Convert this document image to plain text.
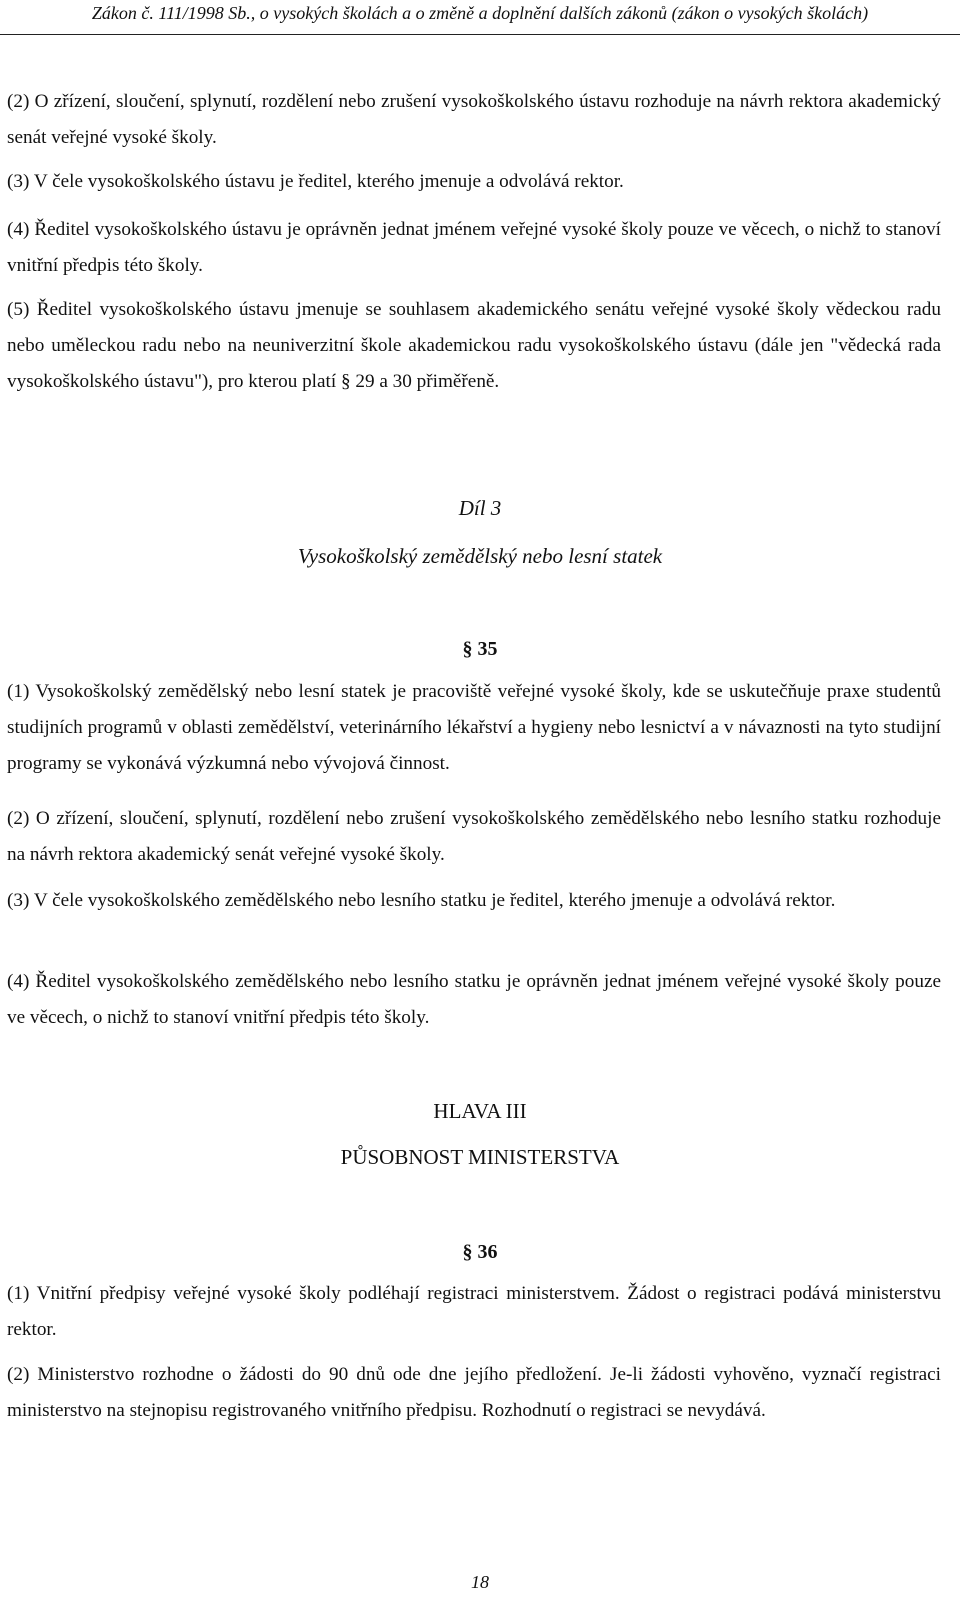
Zákon č. 111/1998 Sb., o vysokých školách a o změně a doplnění dalších zákonů (zákon o vysokých školách)

(2) O zřízení, sloučení, splynutí, rozdělení nebo zrušení vysokoškolského ústavu rozhoduje na návrh rektora akademický senát veřejné vysoké školy.

(3) V čele vysokoškolského ústavu je ředitel, kterého jmenuje a odvolává rektor.

(4) Ředitel vysokoškolského ústavu je oprávněn jednat jménem veřejné vysoké školy pouze ve věcech, o nichž to stanoví vnitřní předpis této školy.

(5) Ředitel vysokoškolského ústavu jmenuje se souhlasem akademického senátu veřejné vysoké školy vědeckou radu nebo uměleckou radu nebo na neuniverzitní škole akademickou radu vysokoškolského ústavu (dále jen "vědecká rada vysokoškolského ústavu"), pro kterou platí § 29 a 30 přiměřeně.

Díl 3

Vysokoškolský zemědělský nebo lesní statek

§ 35

(1) Vysokoškolský zemědělský nebo lesní statek je pracoviště veřejné vysoké školy, kde se uskutečňuje praxe studentů studijních programů v oblasti zemědělství, veterinárního lékařství a hygieny nebo lesnictví a v návaznosti na tyto studijní programy se vykonává výzkumná nebo vývojová činnost.

(2) O zřízení, sloučení, splynutí, rozdělení nebo zrušení vysokoškolského zemědělského nebo lesního statku rozhoduje na návrh rektora akademický senát veřejné vysoké školy.

(3) V čele vysokoškolského zemědělského nebo lesního statku je ředitel, kterého jmenuje a odvolává rektor.

(4) Ředitel vysokoškolského zemědělského nebo lesního statku je oprávněn jednat jménem veřejné vysoké školy pouze ve věcech, o nichž to stanoví vnitřní předpis této školy.

HLAVA III

PŮSOBNOST MINISTERSTVA

§ 36

(1) Vnitřní předpisy veřejné vysoké školy podléhají registraci ministerstvem. Žádost o registraci podává ministerstvu rektor.

(2) Ministerstvo rozhodne o žádosti do 90 dnů ode dne jejího předložení. Je-li žádosti vyhověno, vyznačí registraci ministerstvo na stejnopisu registrovaného vnitřního předpisu. Rozhodnutí o registraci se nevydává.

18
